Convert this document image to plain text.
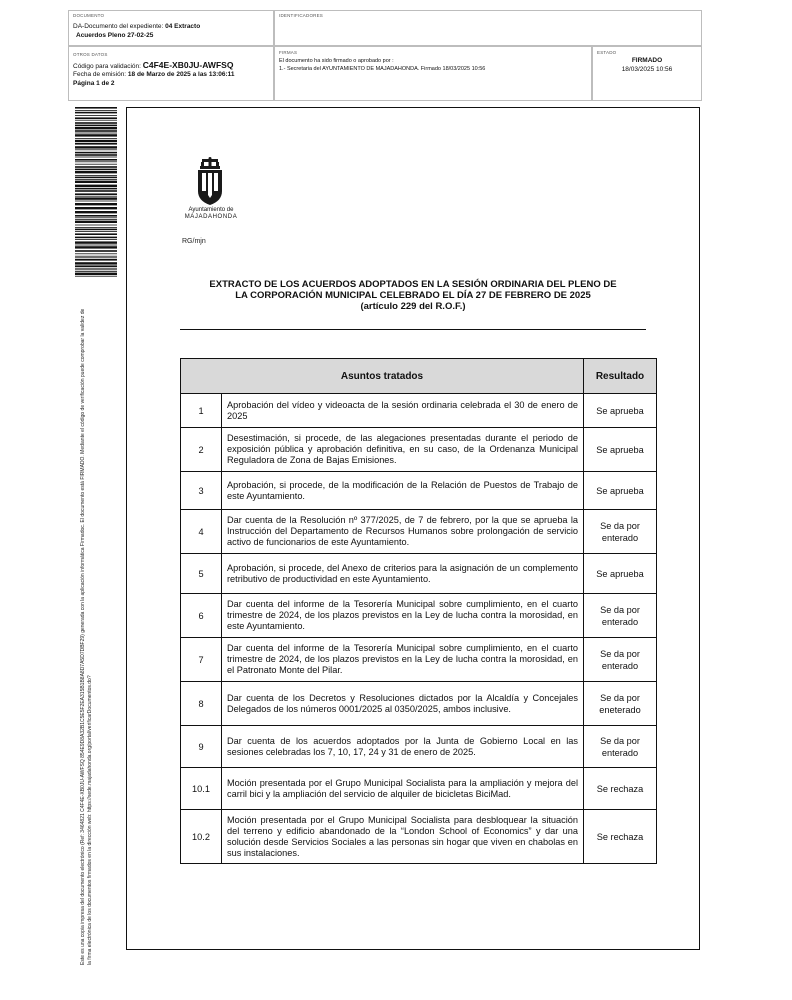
DOCUMENTO
DA-Documento del expediente: 04 Extracto
Acuerdos Pleno 27-02-25
IDENTIFICADORES
OTROS DATOS
Código para validación: C4F4E-XB0JU-AWFSQ
Fecha de emisión: 18 de Marzo de 2025 a las 13:06:11
Página 1 de 2
FIRMAS
El documento ha sido firmado o aprobado por :
1.- Secretaria del AYUNTAMIENTO DE MAJADAHONDA. Firmado 18/03/2025 10:56
ESTADO
FIRMADO
18/03/2025 10:56
Este es una copia impresa del documento electrónico (Ref: 3464821 C4F4E-XB0JU-AWFSQ 854E9D8A32B1C5E5F2EA315B1B8A8D7A5D7DBF29) generada con la aplicación informática Firmadoc. El documento está FIRMADO. Mediante el código de verificación puede comprobar la validez de la firma electrónica de los documentos firmados en la dirección web: https://sede.majadahonda.org/portal/verificarDocumentos.do?
Ayuntamiento de
MAJADAHONDA
RG/mjn
EXTRACTO DE LOS ACUERDOS ADOPTADOS EN LA SESIÓN ORDINARIA DEL PLENO DE
LA CORPORACIÓN MUNICIPAL CELEBRADO EL DÍA 27 DE FEBRERO DE 2025
(artículo 229 del R.O.F.)
Asuntos tratados		Resultado
1	Aprobación del vídeo y videoacta de la sesión ordinaria celebrada el 30 de enero de 2025	Se aprueba
2	Desestimación, si procede, de las alegaciones presentadas durante el periodo de exposición pública y aprobación definitiva, en su caso, de la Ordenanza Municipal Reguladora de Zona de Bajas Emisiones.	Se aprueba
3	Aprobación, si procede, de la modificación de la Relación de Puestos de Trabajo de este Ayuntamiento.	Se aprueba
4	Dar cuenta de la Resolución nº 377/2025, de 7 de febrero, por la que se aprueba la Instrucción del Departamento de Recursos Humanos sobre prolongación de servicio activo de funcionarios de este Ayuntamiento.	Se da por enterado
5	Aprobación, si procede, del Anexo de criterios para la asignación de un complemento retributivo de productividad en este Ayuntamiento.	Se aprueba
6	Dar cuenta del informe de la Tesorería Municipal sobre cumplimiento, en el cuarto trimestre de 2024, de los plazos previstos en la Ley de lucha contra la morosidad, en este Ayuntamiento.	Se da por enterado
7	Dar cuenta del informe de la Tesorería Municipal sobre cumplimiento, en el cuarto trimestre de 2024, de los plazos previstos en la Ley de lucha contra la morosidad, en el Patronato Monte del Pilar.	Se da por enterado
8	Dar cuenta de los Decretos y Resoluciones dictados por la Alcaldía y Concejales Delegados de los números 0001/2025 al 0350/2025, ambos inclusive.	Se da por eneterado
9	Dar cuenta de los acuerdos adoptados por la Junta de Gobierno Local en las sesiones celebradas los 7, 10, 17, 24 y 31 de enero de 2025.	Se da por enterado
10.1	Moción presentada por el Grupo Municipal Socialista para la ampliación y mejora del carril bici y la ampliación del servicio de alquiler de bicicletas BiciMad.	Se rechaza
10.2	Moción presentada por el Grupo Municipal Socialista para desbloquear la situación del terreno y edificio abandonado de la “London School of Economics” y dar una solución desde Servicios Sociales a las personas sin hogar que viven en chabolas en sus instalaciones.	Se rechaza
